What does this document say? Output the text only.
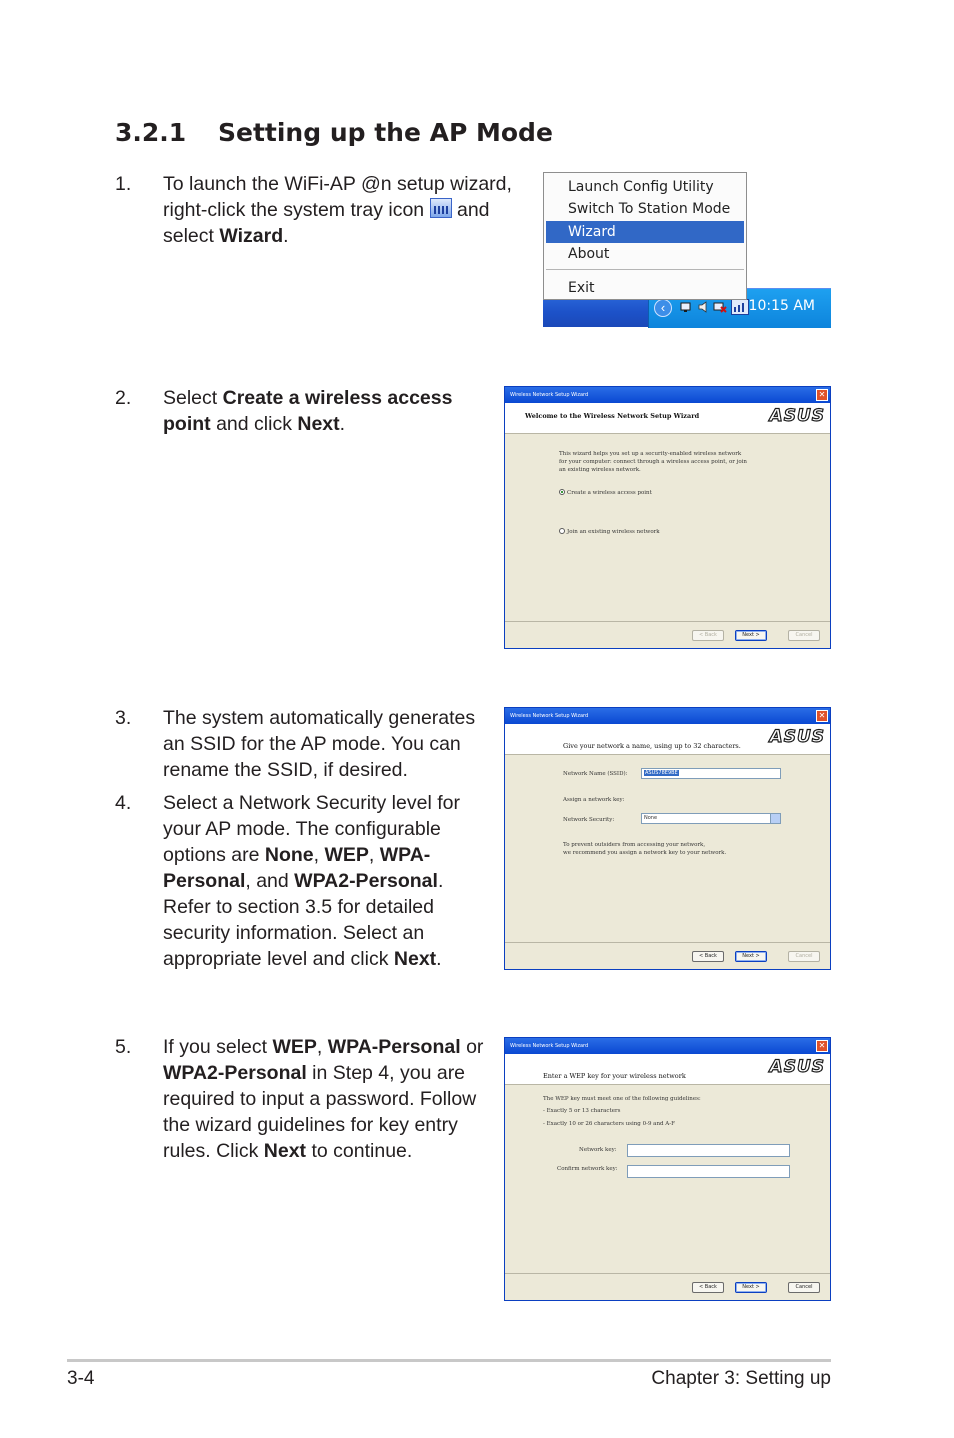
3.2.1 Setting up the AP Mode
1. To launch the WiFi-AP @n setup wizard,
right-click the system tray icon  and
select Wizard.
2. Select Create a wireless access
point and click Next.
3. The system automatically generates
an SSID for the AP mode. You can
rename the SSID, if desired.
4. Select a Network Security level for
your AP mode. The configurable
options are None, WEP, WPA-
Personal, and WPA2-Personal.
Refer to section 3.5 for detailed
security information. Select an
appropriate level and click Next.
5. If you select WEP, WPA-Personal or
WPA2-Personal in Step 4, you are
required to input a password. Follow
the wizard guidelines for key entry
rules. Click Next to continue.
‹	10:15 AM
Launch Config Utility
Switch To Station Mode
Wizard
About
Exit
Wireless Network Setup Wizard	✕
Welcome to the Wireless Network Setup Wizard	ASUS
This wizard helps you set up a security-enabled wireless network
for your computer: connect through a wireless access point, or join
an existing wireless network.
Create a wireless access point
Join an existing wireless network
< Back	Next >	Cancel
Wireless Network Setup Wizard	✕
Give your network a name, using up to 32 characters. ASUS
Network Name (SSID):	ASUS78E9BE
Assign a network key:
Network Security:	None
To prevent outsiders from accessing your network,
we recommend you assign a network key to your network.
< Back	Next >	Cancel
Wireless Network Setup Wizard	✕
Enter a WEP key for your wireless network	ASUS
The WEP key must meet one of the following guidelines:
- Exactly 5 or 13 characters
- Exactly 10 or 26 characters using 0-9 and A-F
Network key:
Confirm network key:
< Back	Next >	Cancel
3-4	Chapter 3: Setting up
